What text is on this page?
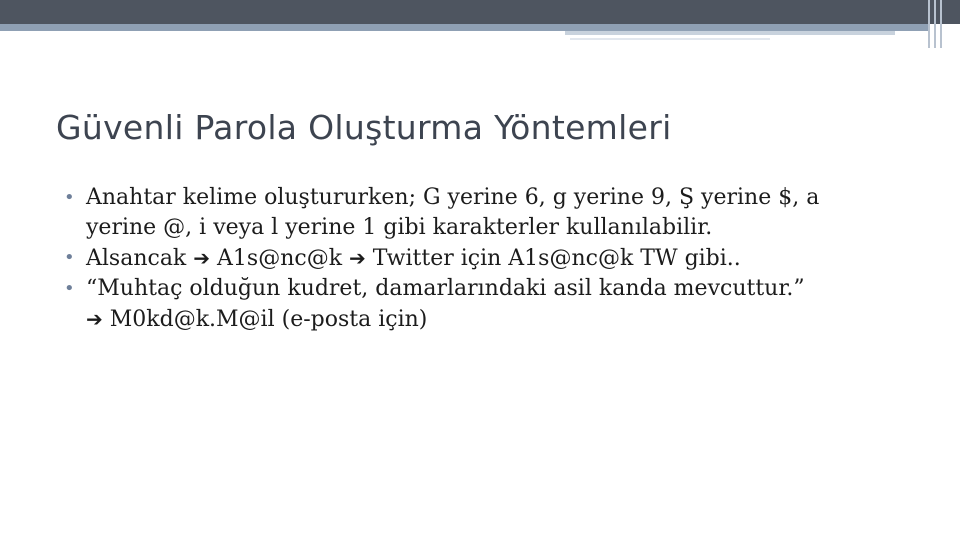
Güvenli Parola Oluşturma Yöntemleri
• Anahtar kelime oluştururken; G yerine 6, g yerine 9, Ş yerine $, a
yerine @, i veya l yerine 1 gibi karakterler kullanılabilir.
• Alsancak ➔ A1s@nc@k ➔ Twitter için A1s@nc@k TW gibi..
• “Muhtaç olduğun kudret, damarlarındaki asil kanda mevcuttur.”
➔ M0kd@k.M@il (e-posta için)
